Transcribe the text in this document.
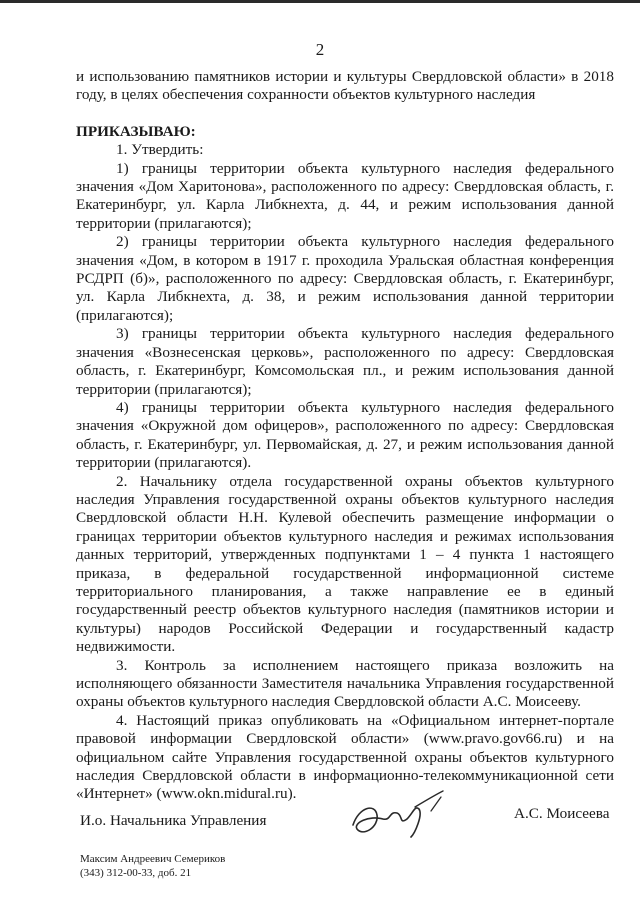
2

и использованию памятников истории и культуры Свердловской области» в 2018 году, в целях обеспечения сохранности объектов культурного наследия

ПРИКАЗЫВАЮ:

1. Утвердить:

1) границы территории объекта культурного наследия федерального значения «Дом Харитонова», расположенного по адресу: Свердловская область, г. Екатеринбург, ул. Карла Либкнехта, д. 44, и режим использования данной территории (прилагаются);

2) границы территории объекта культурного наследия федерального значения «Дом, в котором в 1917 г. проходила Уральская областная конференция РСДРП (б)», расположенного по адресу: Свердловская область, г. Екатеринбург, ул. Карла Либкнехта, д. 38, и режим использования данной территории (прилагаются);

3) границы территории объекта культурного наследия федерального значения «Вознесенская церковь», расположенного по адресу: Свердловская область, г. Екатеринбург, Комсомольская пл., и режим использования данной территории (прилагаются);

4) границы территории объекта культурного наследия федерального значения «Окружной дом офицеров», расположенного по адресу: Свердловская область, г. Екатеринбург, ул. Первомайская, д. 27, и режим использования данной территории (прилагаются).

2. Начальнику отдела государственной охраны объектов культурного наследия Управления государственной охраны объектов культурного наследия Свердловской области Н.Н. Кулевой обеспечить размещение информации о границах территории объектов культурного наследия и режимах использования данных территорий, утвержденных подпунктами 1 – 4 пункта 1 настоящего приказа, в федеральной государственной информационной системе территориального планирования, а также направление ее в единый государственный реестр объектов культурного наследия (памятников истории и культуры) народов Российской Федерации и государственный кадастр недвижимости.

3. Контроль за исполнением настоящего приказа возложить на исполняющего обязанности Заместителя начальника Управления государственной охраны объектов культурного наследия Свердловской области А.С. Моисееву.

4. Настоящий приказ опубликовать на «Официальном интернет-портале правовой информации Свердловской области» (www.pravo.gov66.ru) и на официальном сайте Управления государственной охраны объектов культурного наследия Свердловской области в информационно-телекоммуникационной сети «Интернет» (www.okn.midural.ru).

И.о. Начальника Управления	А.С. Моисеева
Максим Андреевич Семериков
(343) 312-00-33, доб. 21
